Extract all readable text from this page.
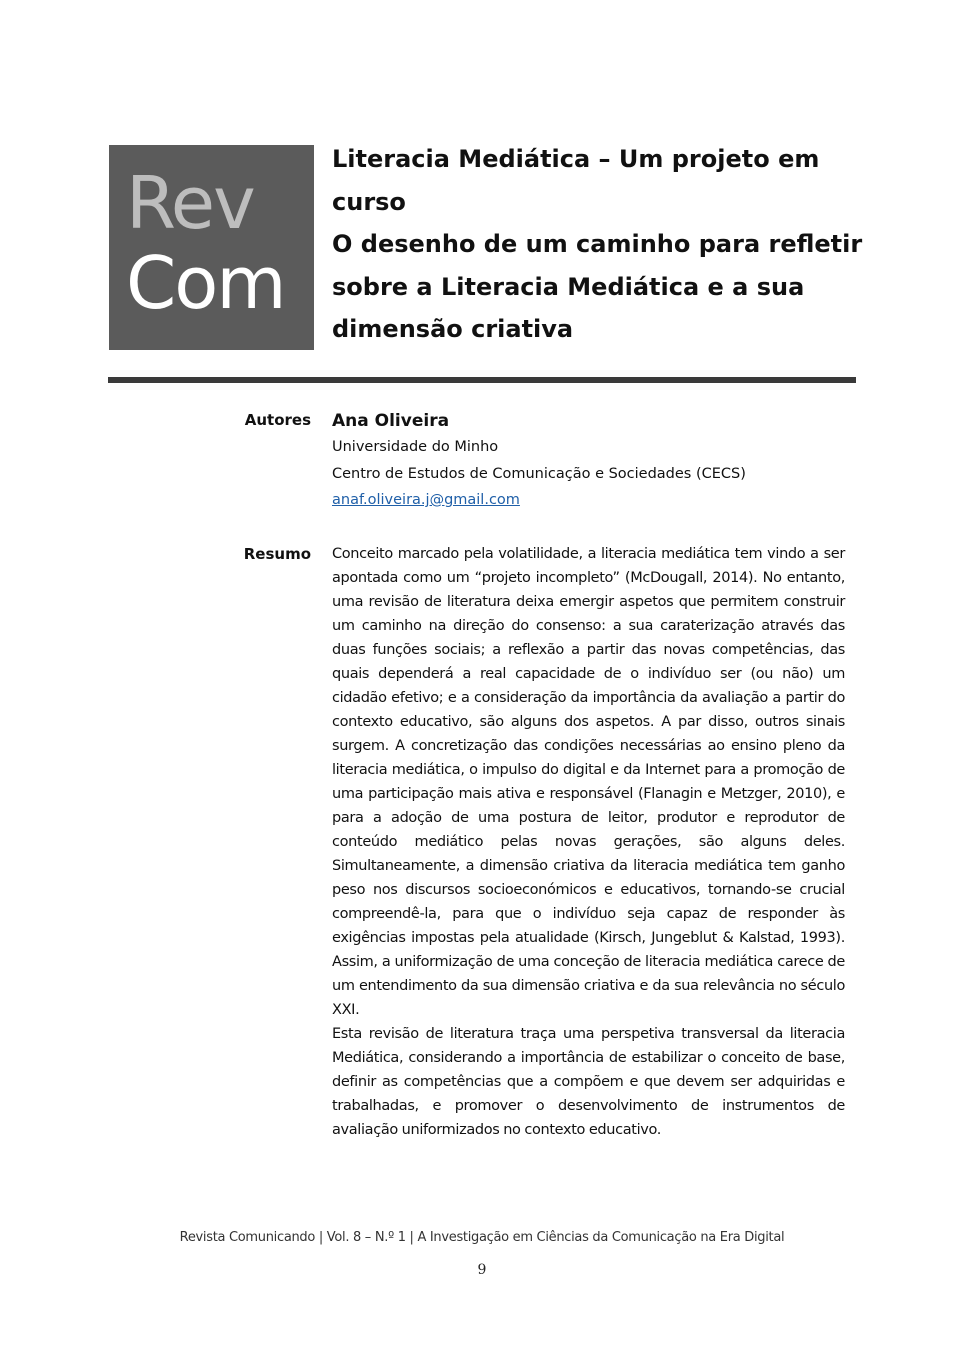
Rev
Com
Literacia Mediática – Um projeto em
curso
O desenho de um caminho para refletir
sobre a Literacia Mediática e a sua
dimensão criativa
Autores Ana Oliveira
Universidade do Minho
Centro de Estudos de Comunicação e Sociedades (CECS)
anaf.oliveira.j@gmail.com
Resumo Conceito marcado pela volatilidade, a literacia mediática tem vindo a ser apontada como um “projeto incompleto” (McDougall, 2014). No entanto, uma revisão de literatura deixa emergir aspetos que permitem construir um caminho na direção do consenso: a sua caraterização através das duas funções sociais; a reflexão a partir das novas competências, das quais dependerá a real capacidade de o indivíduo ser (ou não) um cidadão efetivo; e a consideração da importância da avaliação a partir do contexto educativo, são alguns dos aspetos. A par disso, outros sinais surgem. A concretização das condições necessárias ao ensino pleno da literacia mediática, o impulso do digital e da Internet para a promoção de uma participação mais ativa e responsável (Flanagin e Metzger, 2010), e para a adoção de uma postura de leitor, produtor e reprodutor de conteúdo mediático pelas novas gerações, são alguns deles. Simultaneamente, a dimensão criativa da literacia mediática tem ganho peso nos discursos socioeconómicos e educativos, tornando-se crucial compreendê-la, para que o indivíduo seja capaz de responder às exigências impostas pela atualidade (Kirsch, Jungeblut & Kalstad, 1993). Assim, a uniformização de uma conceção de literacia mediática carece de um entendimento da sua dimensão criativa e da sua relevância no século XXI.

Esta revisão de literatura traça uma perspetiva transversal da literacia Mediática, considerando a importância de estabilizar o conceito de base, definir as competências que a compõem e que devem ser adquiridas e trabalhadas, e promover o desenvolvimento de instrumentos de avaliação uniformizados no contexto educativo.

Revista Comunicando | Vol. 8 – N.º 1 | A Investigação em Ciências da Comunicação na Era Digital
9
